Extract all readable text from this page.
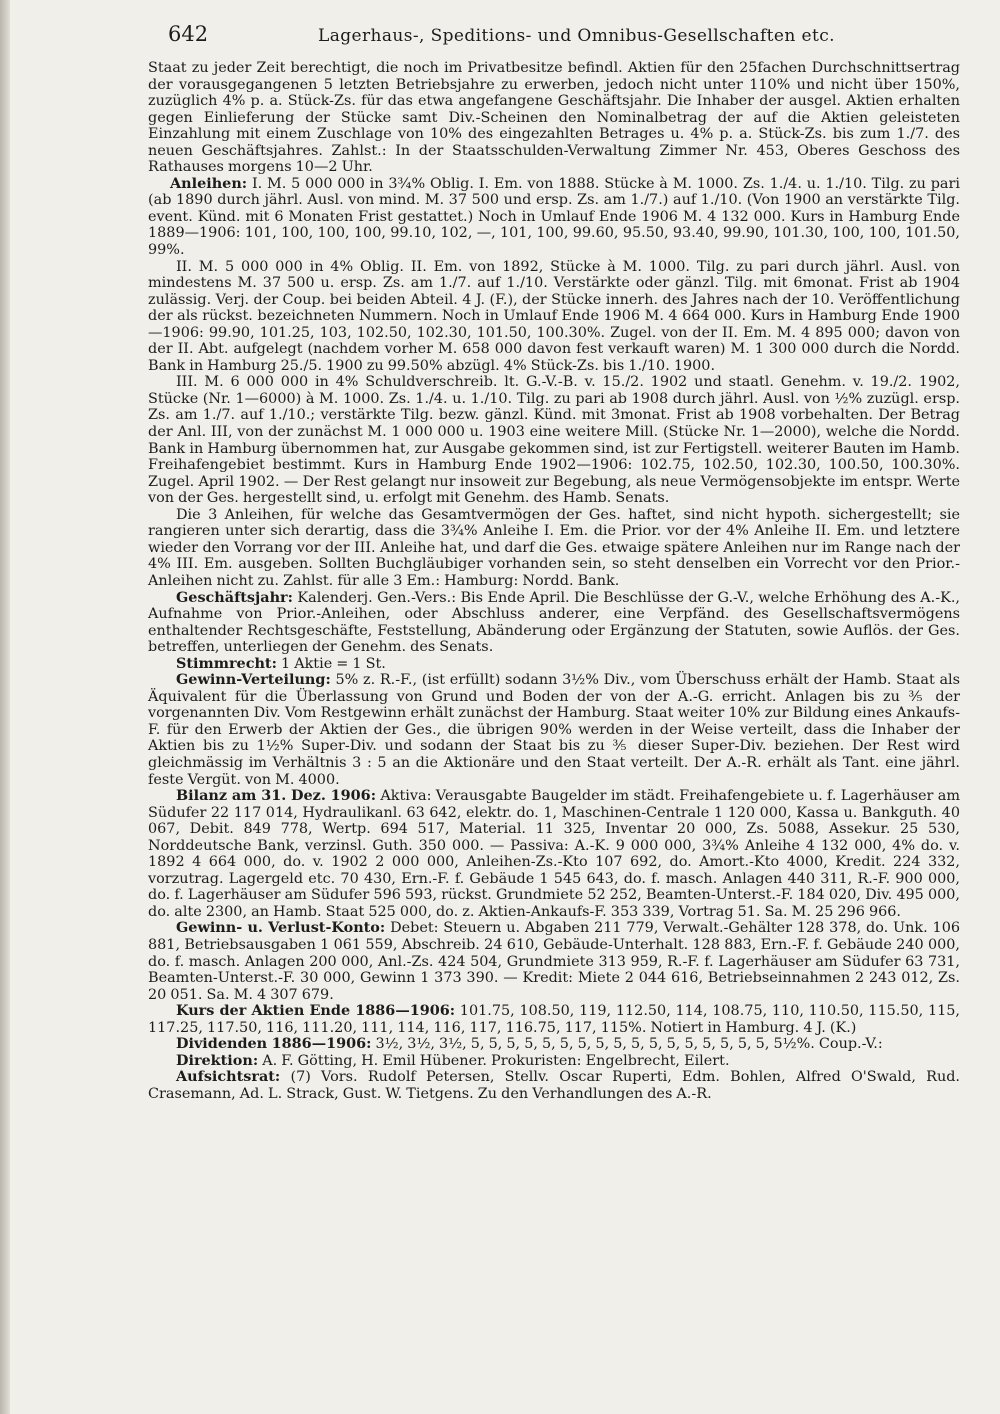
642	Lagerhaus-, Speditions- und Omnibus-Gesellschaften etc.

Staat zu jeder Zeit berechtigt, die noch im Privatbesitze befindl. Aktien für den 25fachen Durchschnittsertrag der vorausgegangenen 5 letzten Betriebsjahre zu erwerben, jedoch nicht unter 110% und nicht über 150%, zuzüglich 4% p. a. Stück-Zs. für das etwa angefangene Geschäftsjahr. Die Inhaber der ausgel. Aktien erhalten gegen Einlieferung der Stücke samt Div.-Scheinen den Nominalbetrag der auf die Aktien geleisteten Einzahlung mit einem Zuschlage von 10% des eingezahlten Betrages u. 4% p. a. Stück-Zs. bis zum 1./7. des neuen Geschäftsjahres. Zahlst.: In der Staatsschulden-Verwaltung Zimmer Nr. 453, Oberes Geschoss des Rathauses morgens 10—2 Uhr.

Anleihen: I. M. 5 000 000 in 3¾% Oblig. I. Em. von 1888. Stücke à M. 1000. Zs. 1./4. u. 1./10. Tilg. zu pari (ab 1890 durch jährl. Ausl. von mind. M. 37 500 und ersp. Zs. am 1./7.) auf 1./10. (Von 1900 an verstärkte Tilg. event. Künd. mit 6 Monaten Frist gestattet.) Noch in Umlauf Ende 1906 M. 4 132 000. Kurs in Hamburg Ende 1889—1906: 101, 100, 100, 100, 99.10, 102, —, 101, 100, 99.60, 95.50, 93.40, 99.90, 101.30, 100, 100, 101.50, 99%.

II. M. 5 000 000 in 4% Oblig. II. Em. von 1892, Stücke à M. 1000. Tilg. zu pari durch jährl. Ausl. von mindestens M. 37 500 u. ersp. Zs. am 1./7. auf 1./10. Verstärkte oder gänzl. Tilg. mit 6monat. Frist ab 1904 zulässig. Verj. der Coup. bei beiden Abteil. 4 J. (F.), der Stücke innerh. des Jahres nach der 10. Veröffentlichung der als rückst. bezeichneten Nummern. Noch in Umlauf Ende 1906 M. 4 664 000. Kurs in Hamburg Ende 1900—1906: 99.90, 101.25, 103, 102.50, 102.30, 101.50, 100.30%. Zugel. von der II. Em. M. 4 895 000; davon von der II. Abt. aufgelegt (nachdem vorher M. 658 000 davon fest verkauft waren) M. 1 300 000 durch die Nordd. Bank in Hamburg 25./5. 1900 zu 99.50% abzügl. 4% Stück-Zs. bis 1./10. 1900.

III. M. 6 000 000 in 4% Schuldverschreib. lt. G.-V.-B. v. 15./2. 1902 und staatl. Genehm. v. 19./2. 1902, Stücke (Nr. 1—6000) à M. 1000. Zs. 1./4. u. 1./10. Tilg. zu pari ab 1908 durch jährl. Ausl. von ½% zuzügl. ersp. Zs. am 1./7. auf 1./10.; verstärkte Tilg. bezw. gänzl. Künd. mit 3monat. Frist ab 1908 vorbehalten. Der Betrag der Anl. III, von der zunächst M. 1 000 000 u. 1903 eine weitere Mill. (Stücke Nr. 1—2000), welche die Nordd. Bank in Hamburg übernommen hat, zur Ausgabe gekommen sind, ist zur Fertigstell. weiterer Bauten im Hamb. Freihafengebiet bestimmt. Kurs in Hamburg Ende 1902—1906: 102.75, 102.50, 102.30, 100.50, 100.30%. Zugel. April 1902. — Der Rest gelangt nur insoweit zur Begebung, als neue Vermögensobjekte im entspr. Werte von der Ges. hergestellt sind, u. erfolgt mit Genehm. des Hamb. Senats.

Die 3 Anleihen, für welche das Gesamtvermögen der Ges. haftet, sind nicht hypoth. sichergestellt; sie rangieren unter sich derartig, dass die 3¾% Anleihe I. Em. die Prior. vor der 4% Anleihe II. Em. und letztere wieder den Vorrang vor der III. Anleihe hat, und darf die Ges. etwaige spätere Anleihen nur im Range nach der 4% III. Em. ausgeben. Sollten Buchgläubiger vorhanden sein, so steht denselben ein Vorrecht vor den Prior.-Anleihen nicht zu. Zahlst. für alle 3 Em.: Hamburg: Nordd. Bank.

Geschäftsjahr: Kalenderj. Gen.-Vers.: Bis Ende April. Die Beschlüsse der G.-V., welche Erhöhung des A.-K., Aufnahme von Prior.-Anleihen, oder Abschluss anderer, eine Verpfänd. des Gesellschaftsvermögens enthaltender Rechtsgeschäfte, Feststellung, Abänderung oder Ergänzung der Statuten, sowie Auflös. der Ges. betreffen, unterliegen der Genehm. des Senats.

Stimmrecht: 1 Aktie = 1 St.

Gewinn-Verteilung: 5% z. R.-F., (ist erfüllt) sodann 3½% Div., vom Überschuss erhält der Hamb. Staat als Äquivalent für die Überlassung von Grund und Boden der von der A.-G. erricht. Anlagen bis zu ⅗ der vorgenannten Div. Vom Restgewinn erhält zunächst der Hamburg. Staat weiter 10% zur Bildung eines Ankaufs-F. für den Erwerb der Aktien der Ges., die übrigen 90% werden in der Weise verteilt, dass die Inhaber der Aktien bis zu 1½% Super-Div. und sodann der Staat bis zu ⅗ dieser Super-Div. beziehen. Der Rest wird gleichmässig im Verhältnis 3 : 5 an die Aktionäre und den Staat verteilt. Der A.-R. erhält als Tant. eine jährl. feste Vergüt. von M. 4000.

Bilanz am 31. Dez. 1906: Aktiva: Verausgabte Baugelder im städt. Freihafengebiete u. f. Lagerhäuser am Südufer 22 117 014, Hydraulikanl. 63 642, elektr. do. 1, Maschinen-Centrale 1 120 000, Kassa u. Bankguth. 40 067, Debit. 849 778, Wertp. 694 517, Material. 11 325, Inventar 20 000, Zs. 5088, Assekur. 25 530, Norddeutsche Bank, verzinsl. Guth. 350 000. — Passiva: A.-K. 9 000 000, 3¾% Anleihe 4 132 000, 4% do. v. 1892 4 664 000, do. v. 1902 2 000 000, Anleihen-Zs.-Kto 107 692, do. Amort.-Kto 4000, Kredit. 224 332, vorzutrag. Lagergeld etc. 70 430, Ern.-F. f. Gebäude 1 545 643, do. f. masch. Anlagen 440 311, R.-F. 900 000, do. f. Lagerhäuser am Südufer 596 593, rückst. Grundmiete 52 252, Beamten-Unterst.-F. 184 020, Div. 495 000, do. alte 2300, an Hamb. Staat 525 000, do. z. Aktien-Ankaufs-F. 353 339, Vortrag 51. Sa. M. 25 296 966.

Gewinn- u. Verlust-Konto: Debet: Steuern u. Abgaben 211 779, Verwalt.-Gehälter 128 378, do. Unk. 106 881, Betriebsausgaben 1 061 559, Abschreib. 24 610, Gebäude-Unterhalt. 128 883, Ern.-F. f. Gebäude 240 000, do. f. masch. Anlagen 200 000, Anl.-Zs. 424 504, Grundmiete 313 959, R.-F. f. Lagerhäuser am Südufer 63 731, Beamten-Unterst.-F. 30 000, Gewinn 1 373 390. — Kredit: Miete 2 044 616, Betriebseinnahmen 2 243 012, Zs. 20 051. Sa. M. 4 307 679.

Kurs der Aktien Ende 1886—1906: 101.75, 108.50, 119, 112.50, 114, 108.75, 110, 110.50, 115.50, 115, 117.25, 117.50, 116, 111.20, 111, 114, 116, 117, 116.75, 117, 115%. Notiert in Hamburg. 4 J. (K.)

Dividenden 1886—1906: 3½, 3½, 3½, 5, 5, 5, 5, 5, 5, 5, 5, 5, 5, 5, 5, 5, 5, 5, 5, 5, 5½%. Coup.-V.:

Direktion: A. F. Götting, H. Emil Hübener. Prokuristen: Engelbrecht, Eilert.

Aufsichtsrat: (7) Vors. Rudolf Petersen, Stellv. Oscar Ruperti, Edm. Bohlen, Alfred O'Swald, Rud. Crasemann, Ad. L. Strack, Gust. W. Tietgens. Zu den Verhandlungen des A.-R.
